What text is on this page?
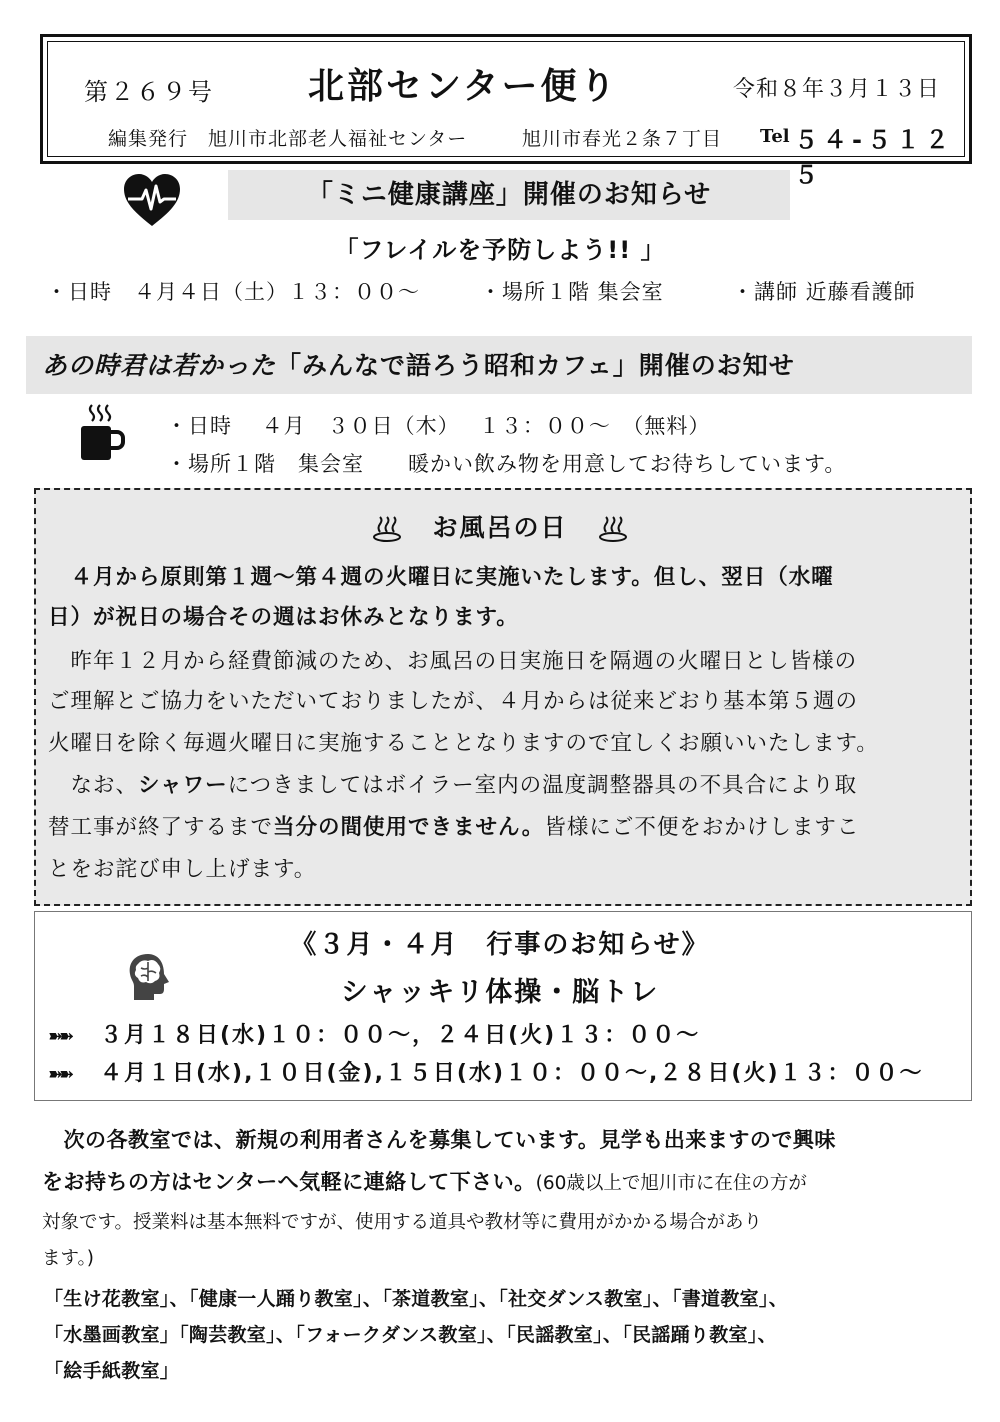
第２６９号	北部センター便り	令和８年３月１３日
編集発行　旭川市北部老人福祉センター	旭川市春光２条７丁目 Tel ５４-５１２５
「ミニ健康講座」開催のお知らせ
「フレイルを予防しよう!! 」
・日時　４月４日（土）１３：００～	・場所１階 集会室	・講師 近藤看護師
あの時君は若かった「みんなで語ろう昭和カフェ」開催のお知せ
・日時　 ４月　３０日（木）　 １３：００～　（無料）
・場所１階　集会室　　暖かい飲み物を用意してお待ちしています。
お風呂の日
　４月から原則第１週～第４週の火曜日に実施いたします。但し、翌日（水曜
日）が祝日の場合その週はお休みとなります。
　昨年１２月から経費節減のため、お風呂の日実施日を隔週の火曜日とし皆様の
ご理解とご協力をいただいておりましたが、４月からは従来どおり基本第５週の
火曜日を除く毎週火曜日に実施することとなりますので宜しくお願いいたします。
　なお、シャワーにつきましてはボイラー室内の温度調整器具の不具合により取
替工事が終了するまで当分の間使用できません。皆様にご不便をおかけしますこ
とをお詫び申し上げます。
《３月・４月　行事のお知らせ》
シャッキリ体操・脳トレ
➽➽ ３月１８日(水)１０：００～，２４日(火)１３：００～
➽➽ ４月１日(水),１０日(金),１５日(水)１０：００～,２８日(火)１３：００～
　次の各教室では、新規の利用者さんを募集しています。見学も出来ますので興味
をお持ちの方はセンターへ気軽に連絡して下さい。(60歳以上で旭川市に在住の方が
対象です。授業料は基本無料ですが、使用する道具や教材等に費用がかかる場合があり
ます。)
「生け花教室」、「健康一人踊り教室」、「茶道教室」、「社交ダンス教室」、「書道教室」、
「水墨画教室」「陶芸教室」、「フォークダンス教室」、「民謡教室」、「民謡踊り教室」、
「絵手紙教室」
